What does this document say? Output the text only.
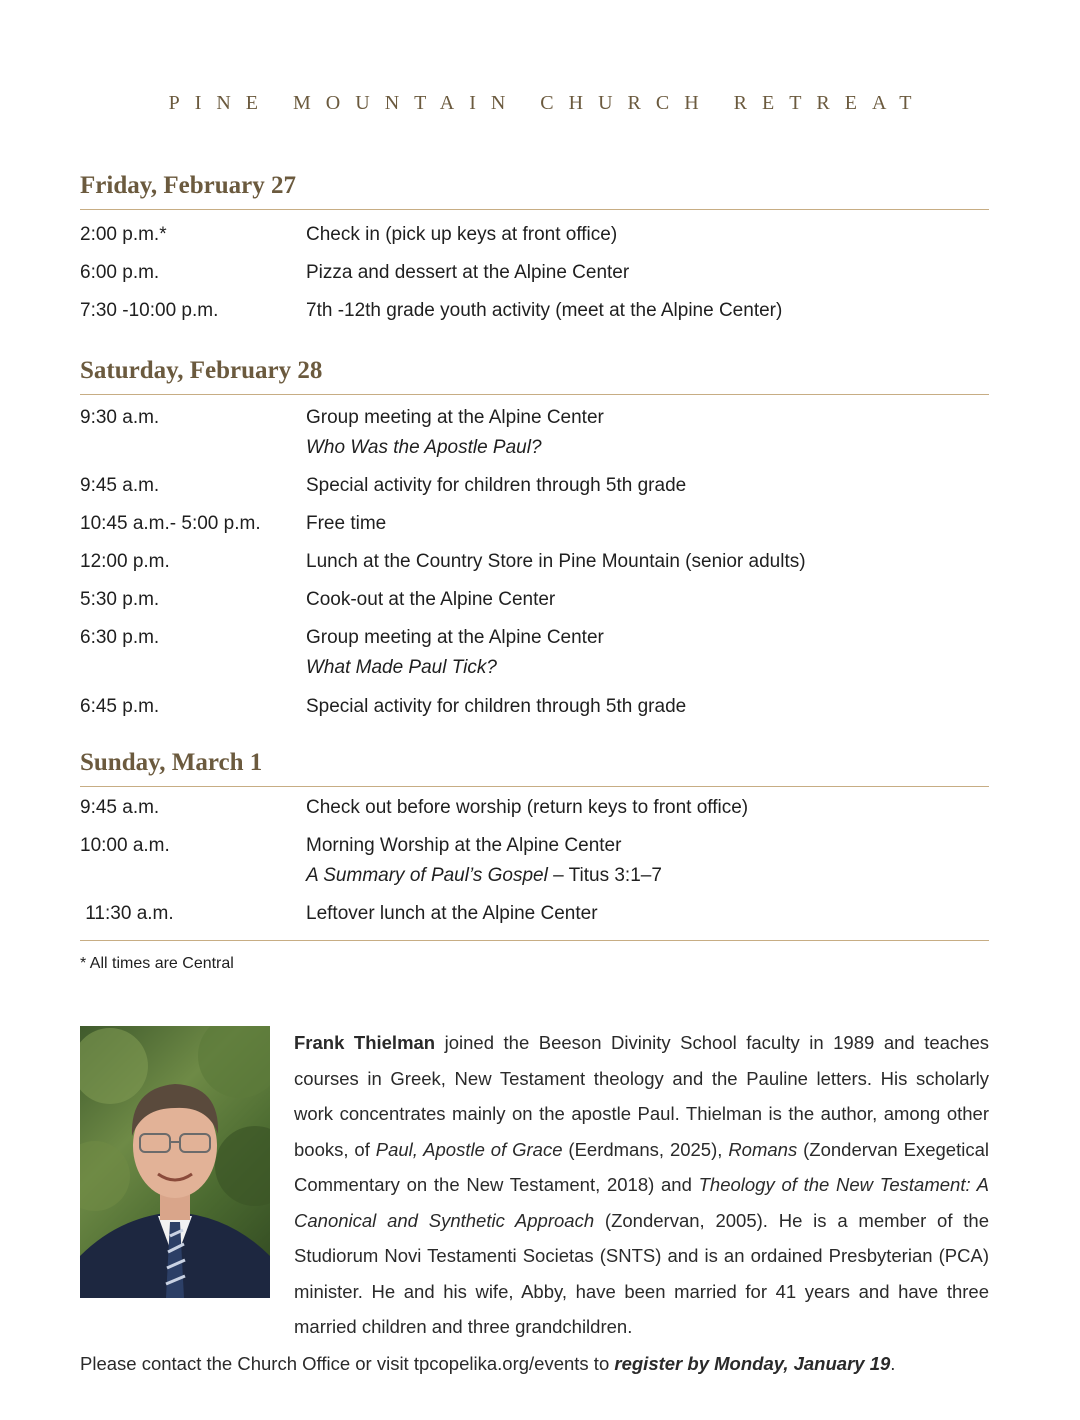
PINE MOUNTAIN CHURCH RETREAT
Friday, February 27
2:00 p.m.*	Check in (pick up keys at front office)
6:00 p.m.	Pizza and dessert at the Alpine Center
7:30 -10:00 p.m.	7th -12th grade youth activity (meet at the Alpine Center)
Saturday, February 28
9:30 a.m.	Group meeting at the Alpine Center
Who Was the Apostle Paul?
9:45 a.m.	Special activity for children through 5th grade
10:45 a.m.- 5:00 p.m. Free time
12:00 p.m.	Lunch at the Country Store in Pine Mountain (senior adults)
5:30 p.m.	Cook-out at the Alpine Center
6:30 p.m.	Group meeting at the Alpine Center
What Made Paul Tick?
6:45 p.m.	Special activity for children through 5th grade
Sunday, March 1
9:45 a.m.	Check out before worship (return keys to front office)
10:00 a.m.	Morning Worship at the Alpine Center
A Summary of Paul’s Gospel – Titus 3:1–7
11:30 a.m.	Leftover lunch at the Alpine Center
* All times are Central

Frank Thielman joined the Beeson Divinity School faculty in 1989 and teaches courses in Greek, New Testament theology and the Pauline letters. His scholarly work concentrates mainly on the apostle Paul. Thielman is the author, among other books, of Paul, Apostle of Grace (Eerdmans, 2025), Romans (Zondervan Exegetical Commentary on the New Testament, 2018) and Theology of the New Testament: A Canonical and Synthetic Approach (Zondervan, 2005). He is a member of the Studiorum Novi Testamenti Societas (SNTS) and is an ordained Presbyterian (PCA) minister. He and his wife, Abby, have been married for 41 years and have three married children and three grandchildren.

Please contact the Church Office or visit tpcopelika.org/events to register by Monday, January 19.
